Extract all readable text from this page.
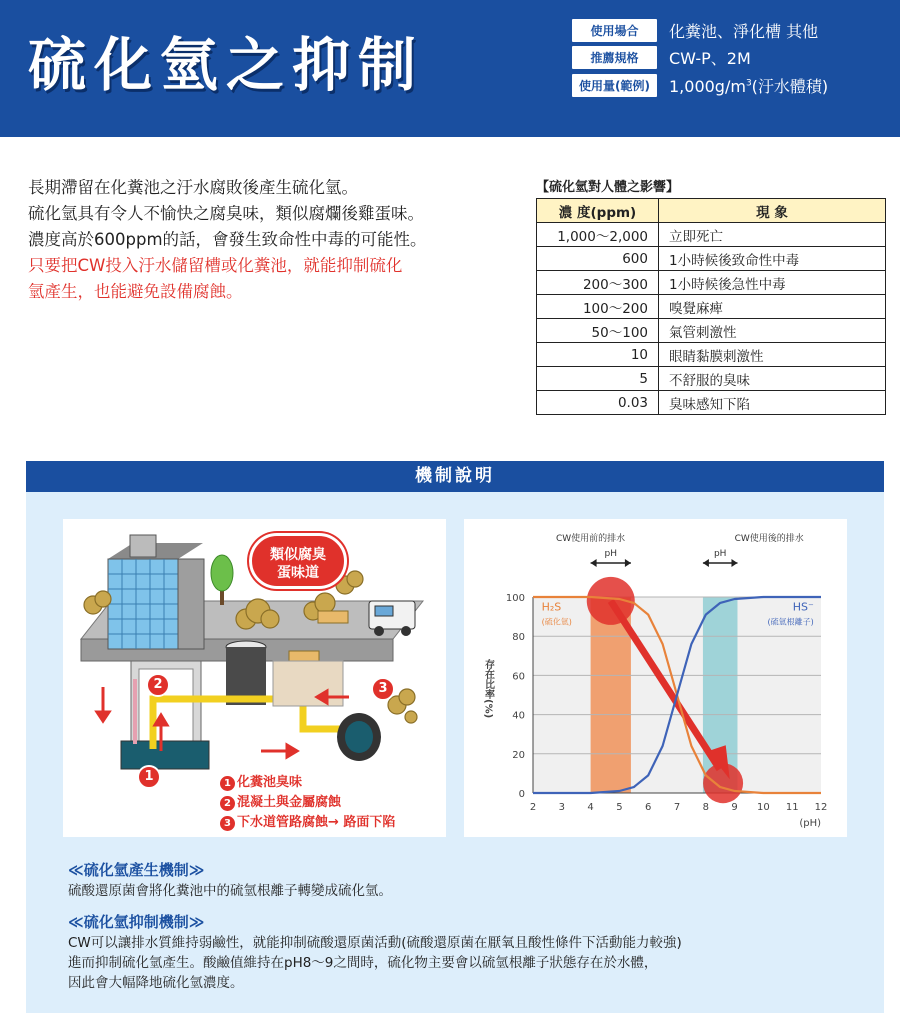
硫化氫之抑制
使用場合	化糞池、淨化槽 其他
推薦規格	CW-P、2M
使用量(範例)	$1,000g/m^3$(汙水體積)
長期滯留在化糞池之汙水腐敗後產生硫化氫。
硫化氫具有令人不愉快之腐臭味，類似腐爛後雞蛋味。
濃度高於600ppm的話，會發生致命性中毒的可能性。
只要把CW投入汙水儲留槽或化糞池，就能抑制硫化
氫產生，也能避免設備腐蝕。
【硫化氫對人體之影響】
濃 度(ppm)	現 象
1,000〜2,000	立即死亡
600	1小時候後致命性中毒
200〜300	1小時候後急性中毒
100〜200	嗅覺麻痺
50〜100	氣管刺激性
10	眼睛黏膜刺激性
5	不舒服的臭味
0.03	臭味感知下陷
機制說明
類似腐臭
蛋味道
2	3
1	1 化糞池臭味
2 混凝土與金屬腐蝕
3 下水道管路腐蝕→ 路面下陷
0
20
40
60
80
100
2 3 4 5 6 7 8 9 10 11 12
(pH)
存在比率(%)
H₂S
(硫化氫)
HS⁻
(硫氫根離子)
CW使用前的排水
pH
CW使用後的排水
pH
≪硫化氫產生機制≫
硫酸還原菌會將化糞池中的硫氫根離子轉變成硫化氫。
≪硫化氫抑制機制≫
CW可以讓排水質維持弱鹼性，就能抑制硫酸還原菌活動(硫酸還原菌在厭氧且酸性條件下活動能力較強)
進而抑制硫化氫產生。酸鹼值維持在pH8〜9之間時，硫化物主要會以硫氫根離子狀態存在於水體，
因此會大幅降地硫化氫濃度。
